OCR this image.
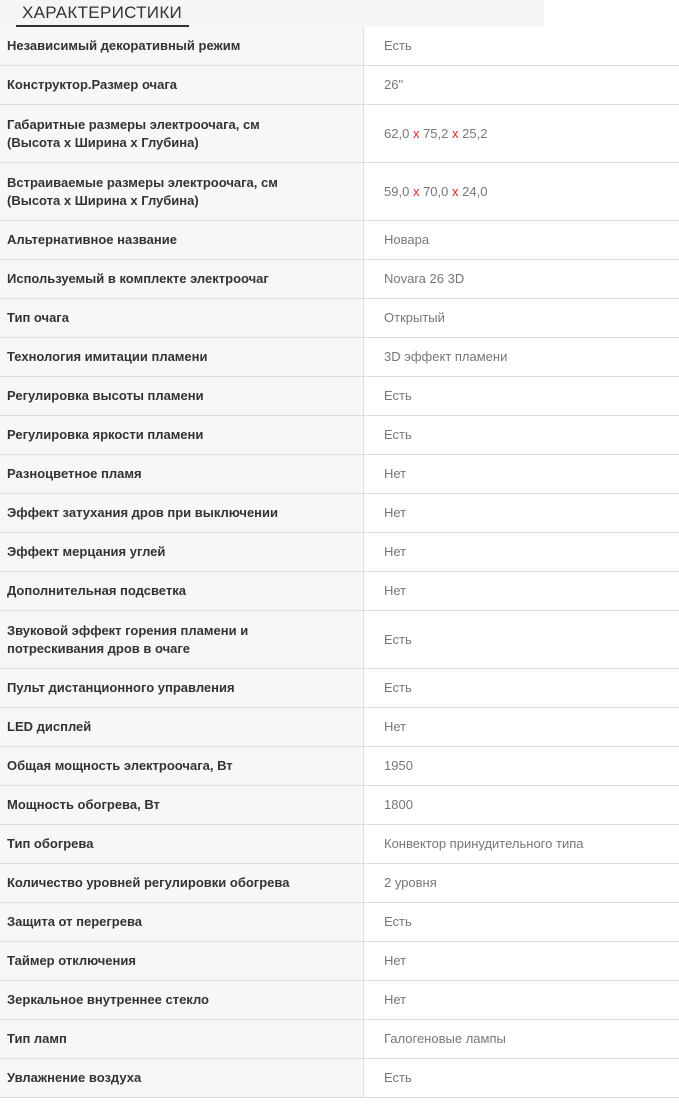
ХАРАКТЕРИСТИКИ
Независимый декоративный режим	Есть
Конструктор.Размер очага	26"
Габаритные размеры электроочага, см
(Высота x Ширина x Глубина)	62,0 x 75,2 x 25,2
Встраиваемые размеры электроочага, см
(Высота x Ширина x Глубина)	59,0 x 70,0 x 24,0
Альтернативное название	Новара
Используемый в комплекте электроочаг	Novara 26 3D
Тип очага	Открытый
Технология имитации пламени	3D эффект пламени
Регулировка высоты пламени	Есть
Регулировка яркости пламени	Есть
Разноцветное пламя	Нет
Эффект затухания дров при выключении	Нет
Эффект мерцания углей	Нет
Дополнительная подсветка	Нет
Звуковой эффект горения пламени и
потрескивания дров в очаге	Есть
Пульт дистанционного управления	Есть
LED дисплей	Нет
Общая мощность электроочага, Вт	1950
Мощность обогрева, Вт	1800
Тип обогрева	Конвектор принудительного типа
Количество уровней регулировки обогрева	2 уровня
Защита от перегрева	Есть
Таймер отключения	Нет
Зеркальное внутреннее стекло	Нет
Тип ламп	Галогеновые лампы
Увлажнение воздуха	Есть
